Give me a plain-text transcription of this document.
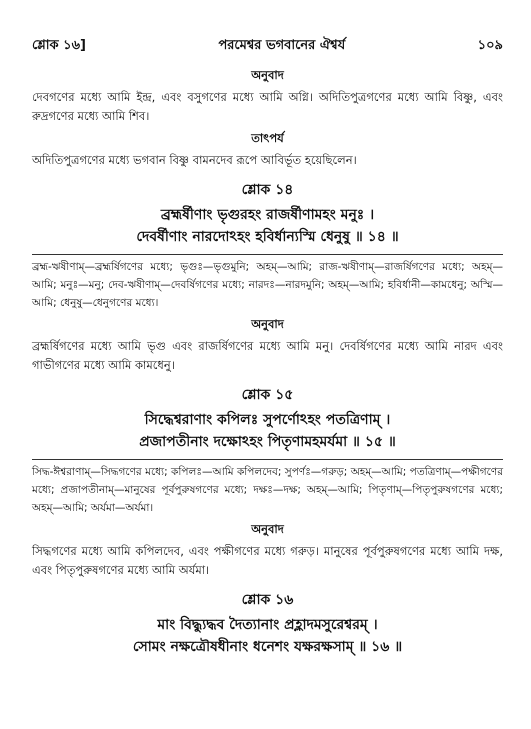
শ্লোক ১৬]	পরমেশ্বর ভগবানের ঐশ্বর্য	১০৯
অনুবাদ

দেবগণের মধ্যে আমি ইন্দ্র, এবং বসুগণের মধ্যে আমি অগ্নি। অদিতিপুত্রগণের মধ্যে আমি বিষ্ণু, এবং রুদ্রগণের মধ্যে আমি শিব।

তাৎপর্য

অদিতিপুত্রগণের মধ্যে ভগবান বিষ্ণু বামনদেব রূপে আবির্ভূত হয়েছিলেন।

শ্লোক ১৪
ব্রহ্মর্ষীণাং ভৃগুরহং রাজর্ষীণামহং মনুঃ ।
দেবর্ষীণাং নারদোঽহং হবির্ধান্যস্মি ধেনুষু ॥ ১৪ ॥

ব্রহ্ম-ঋষীণাম্—ব্রহ্মর্ষিগণের মধ্যে; ভৃগুঃ—ভৃগুমুনি; অহম্—আমি; রাজ-ঋষীণাম্—রাজর্ষিগণের মধ্যে; অহম্—আমি; মনুঃ—মনু; দেব-ঋষীণাম্—দেবর্ষিগণের মধ্যে; নারদঃ—নারদমুনি; অহম্—আমি; হবির্ধানী—কামধেনু; অস্মি—আমি; ধেনুষু—ধেনুগণের মধ্যে।

অনুবাদ

ব্রহ্মর্ষিগণের মধ্যে আমি ভৃগু এবং রাজর্ষিগণের মধ্যে আমি মনু। দেবর্ষিগণের মধ্যে আমি নারদ এবং গাভীগণের মধ্যে আমি কামধেনু।

শ্লোক ১৫
সিদ্ধেশ্বরাণাং কপিলঃ সুপর্ণোঽহং পতত্রিণাম্ ।
প্রজাপতীনাং দক্ষোঽহং পিতৃণামহমর্যমা ॥ ১৫ ॥

সিদ্ধ-ঈশ্বরাণাম্—সিদ্ধগণের মধ্যে; কপিলঃ—আমি কপিলদেব; সুপর্ণঃ—গরুড়; অহম্—আমি; পতত্রিণাম্—পক্ষীগণের মধ্যে; প্রজাপতীনাম্—মানুষের পূর্বপুরুষগণের মধ্যে; দক্ষঃ—দক্ষ; অহম্—আমি; পিতৃণাম্—পিতৃপুরুষগণের মধ্যে; অহম্—আমি; অর্যমা—অর্যমা।

অনুবাদ

সিদ্ধগণের মধ্যে আমি কপিলদেব, এবং পক্ষীগণের মধ্যে গরুড়। মানুষের পূর্বপুরুষগণের মধ্যে আমি দক্ষ, এবং পিতৃপুরুষগণের মধ্যে আমি অর্যমা।

শ্লোক ১৬
মাং বিদ্ধ্যুদ্ধব দৈত্যানাং প্রহ্লাদমসুরেশ্বরম্ ।
সোমং নক্ষত্রৌষধীনাং ধনেশং যক্ষরক্ষসাম্ ॥ ১৬ ॥
